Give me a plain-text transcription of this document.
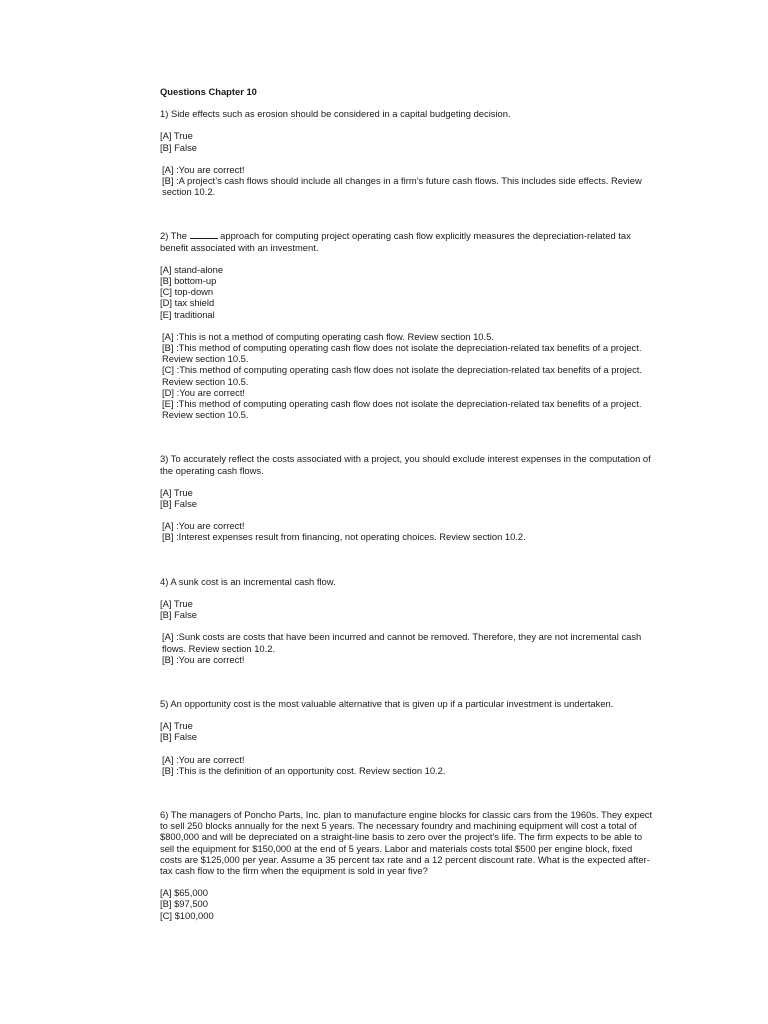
Questions Chapter 10

1) Side effects such as erosion should be considered in a capital budgeting decision.

[A] True

[B] False

[A] :You are correct!

[B] :A project’s cash flows should include all changes in a firm’s future cash flows. This includes side effects. Review section 10.2.

2) The	approach for computing project operating cash flow explicitly measures the depreciation-related tax benefit associated with an investment.

[A] stand-alone

[B] bottom-up

[C] top-down

[D] tax shield

[E] traditional

[A] :This is not a method of computing operating cash flow. Review section 10.5.

[B] :This method of computing operating cash flow does not isolate the depreciation-related tax benefits of a project. Review section 10.5.

[C] :This method of computing operating cash flow does not isolate the depreciation-related tax benefits of a project. Review section 10.5.

[D] :You are correct!

[E] :This method of computing operating cash flow does not isolate the depreciation-related tax benefits of a project. Review section 10.5.

3) To accurately reflect the costs associated with a project, you should exclude interest expenses in the computation of the operating cash flows.

[A] True

[B] False

[A] :You are correct!

[B] :Interest expenses result from financing, not operating choices. Review section 10.2.

4) A sunk cost is an incremental cash flow.

[A] True

[B] False

[A] :Sunk costs are costs that have been incurred and cannot be removed. Therefore, they are not incremental cash flows. Review section 10.2.

[B] :You are correct!

5) An opportunity cost is the most valuable alternative that is given up if a particular investment is undertaken.

[A] True

[B] False

[A] :You are correct!

[B] :This is the definition of an opportunity cost. Review section 10.2.

6) The managers of Poncho Parts, Inc. plan to manufacture engine blocks for classic cars from the 1960s. They expect to sell 250 blocks annually for the next 5 years. The necessary foundry and machining equipment will cost a total of $800,000 and will be depreciated on a straight-line basis to zero over the project's life. The firm expects to be able to sell the equipment for $150,000 at the end of 5 years. Labor and materials costs total $500 per engine block, fixed costs are $125,000 per year. Assume a 35 percent tax rate and a 12 percent discount rate. What is the expected after-tax cash flow to the firm when the equipment is sold in year five?

[A] $65,000

[B] $97,500

[C] $100,000
